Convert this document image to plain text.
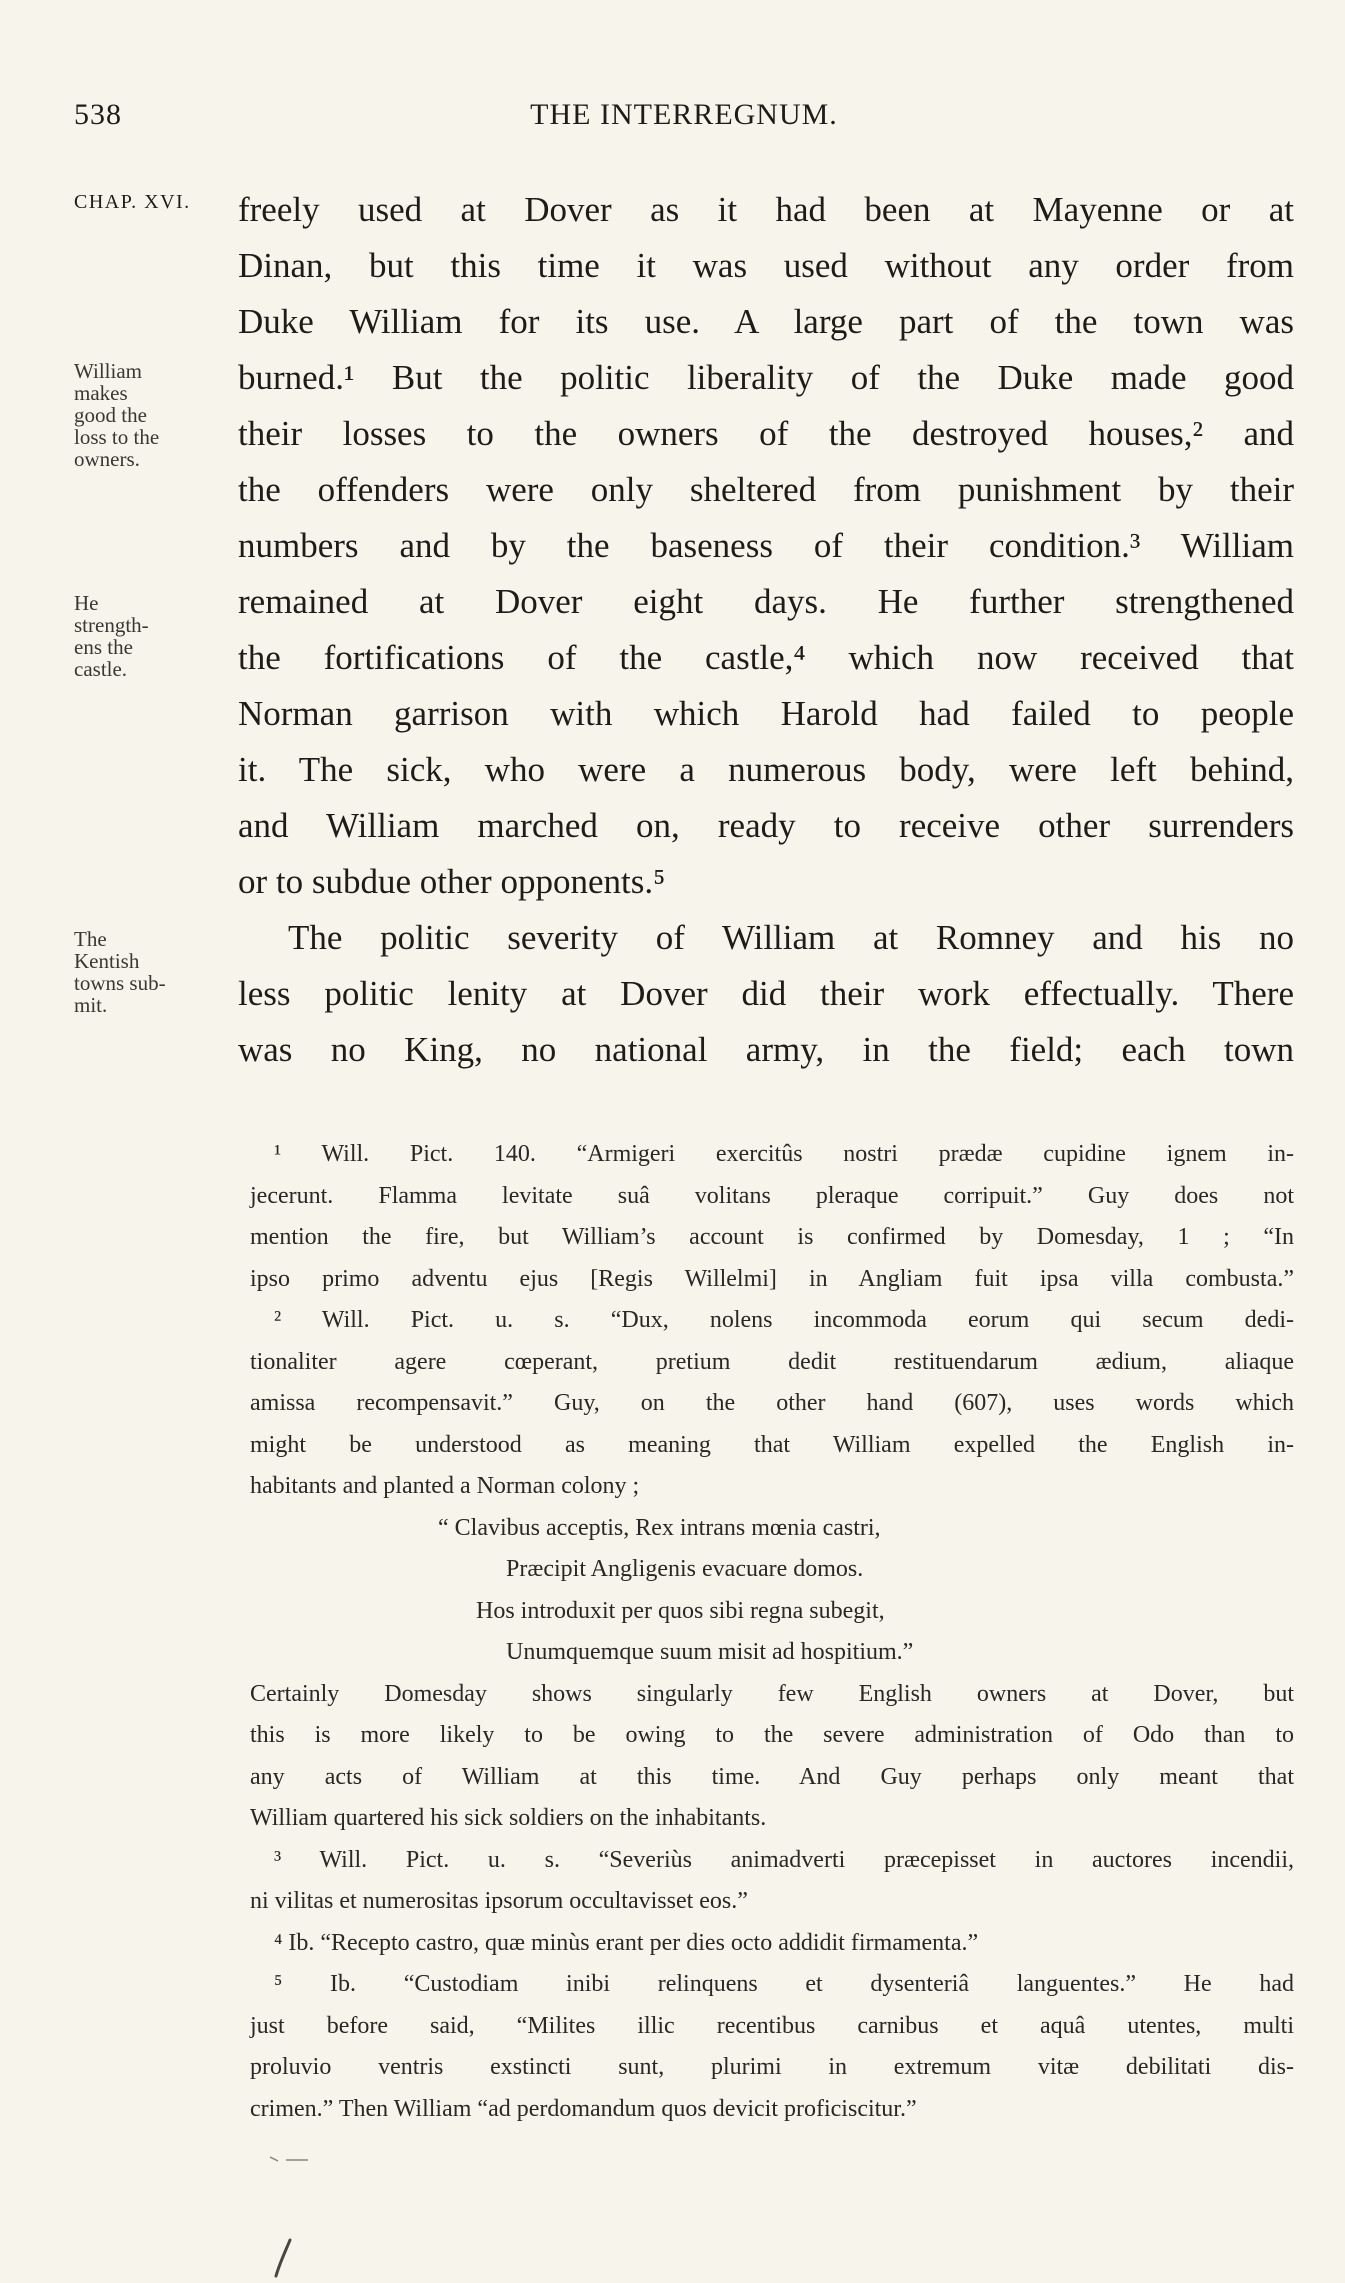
538	THE INTERREGNUM.
CHAP. XVI.
William
makes
good the
loss to the
owners.
He
strength-
ens the
castle.
The
Kentish
towns sub-
mit.
freely used at Dover as it had been at Mayenne or at
Dinan, but this time it was used without any order from
Duke William for its use. A large part of the town was
burned.¹ But the politic liberality of the Duke made good
their losses to the owners of the destroyed houses,² and
the offenders were only sheltered from punishment by their
numbers and by the baseness of their condition.³ William
remained at Dover eight days. He further strengthened
the fortifications of the castle,⁴ which now received that
Norman garrison with which Harold had failed to people
it. The sick, who were a numerous body, were left behind,
and William marched on, ready to receive other surrenders
or to subdue other opponents.⁵
The politic severity of William at Romney and his no
less politic lenity at Dover did their work effectually. There
was no King, no national army, in the field; each town
¹ Will. Pict. 140. “Armigeri exercitûs nostri prædæ cupidine ignem in-
jecerunt. Flamma levitate suâ volitans pleraque corripuit.” Guy does not
mention the fire, but William’s account is confirmed by Domesday, 1 ; “In
ipso primo adventu ejus [Regis Willelmi] in Angliam fuit ipsa villa combusta.”
² Will. Pict. u. s. “Dux, nolens incommoda eorum qui secum dedi-
tionaliter agere cœperant, pretium dedit restituendarum ædium, aliaque
amissa recompensavit.” Guy, on the other hand (607), uses words which
might be understood as meaning that William expelled the English in-
habitants and planted a Norman colony ;
“ Clavibus acceptis, Rex intrans mœnia castri,
Præcipit Angligenis evacuare domos.
Hos introduxit per quos sibi regna subegit,
Unumquemque suum misit ad hospitium.”
Certainly Domesday shows singularly few English owners at Dover, but
this is more likely to be owing to the severe administration of Odo than to
any acts of William at this time. And Guy perhaps only meant that
William quartered his sick soldiers on the inhabitants.
³ Will. Pict. u. s. “Severiùs animadverti præcepisset in auctores incendii,
ni vilitas et numerositas ipsorum occultavisset eos.”
⁴ Ib. “Recepto castro, quæ minùs erant per dies octo addidit firmamenta.”
⁵ Ib. “Custodiam inibi relinquens et dysenteriâ languentes.” He had
just before said, “Milites illic recentibus carnibus et aquâ utentes, multi
proluvio ventris exstincti sunt, plurimi in extremum vitæ debilitati dis-
crimen.” Then William “ad perdomandum quos devicit proficiscitur.”
